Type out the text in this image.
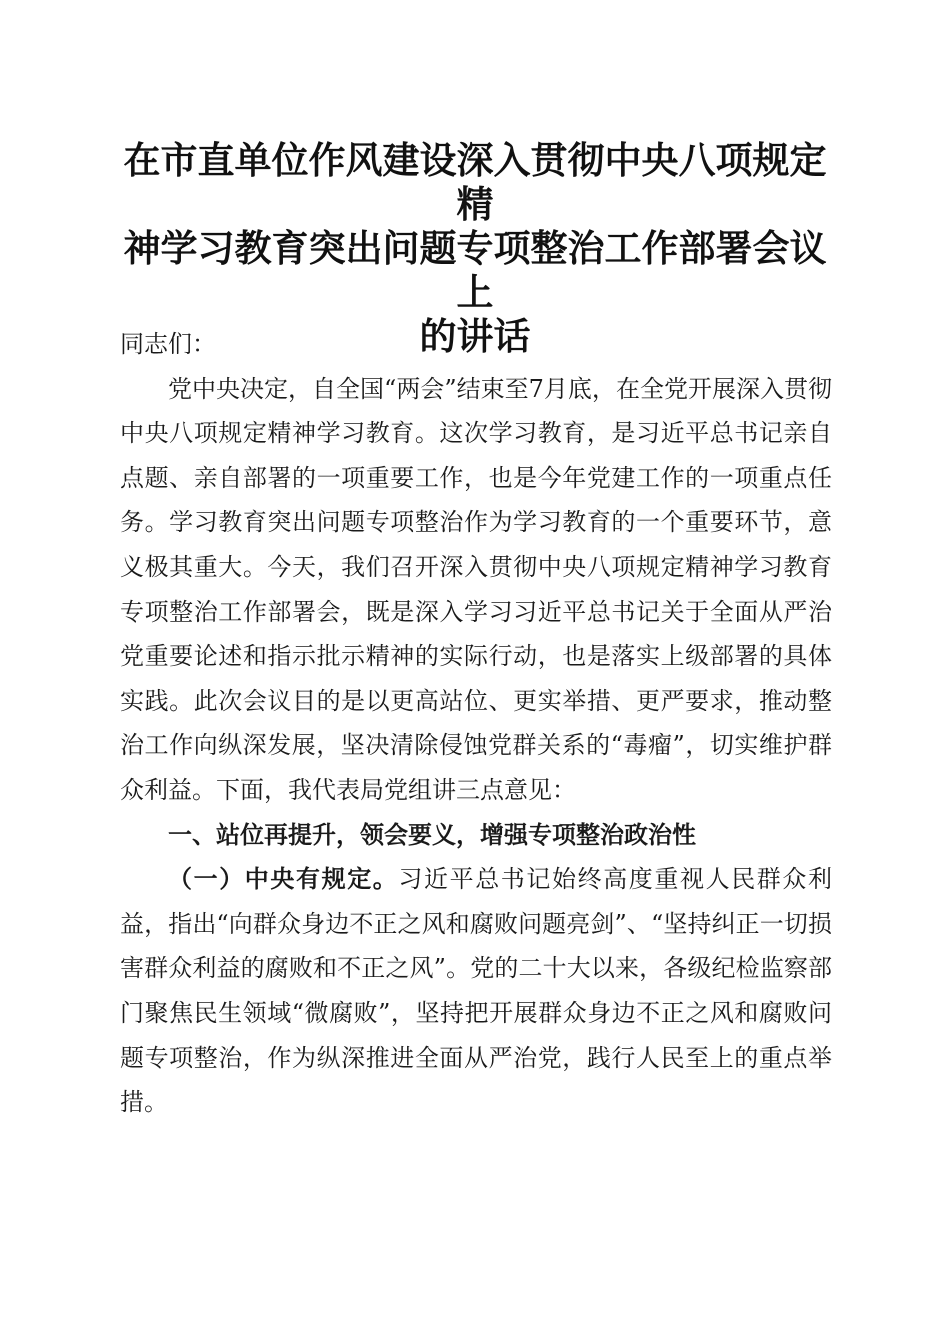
在市直单位作风建设深入贯彻中央八项规定精
神学习教育突出问题专项整治工作部署会议上
的讲话

同志们：

党中央决定，自全国“两会”结束至7月底，在全党开展深入贯彻中央八项规定精神学习教育。这次学习教育，是习近平总书记亲自点题、亲自部署的一项重要工作，也是今年党建工作的一项重点任务。学习教育突出问题专项整治作为学习教育的一个重要环节，意义极其重大。今天，我们召开深入贯彻中央八项规定精神学习教育专项整治工作部署会，既是深入学习习近平总书记关于全面从严治党重要论述和指示批示精神的实际行动，也是落实上级部署的具体实践。此次会议目的是以更高站位、更实举措、更严要求，推动整治工作向纵深发展，坚决清除侵蚀党群关系的“毒瘤”，切实维护群众利益。下面，我代表局党组讲三点意见：

一、站位再提升，领会要义，增强专项整治政治性

（一）中央有规定。习近平总书记始终高度重视人民群众利益，指出“向群众身边不正之风和腐败问题亮剑”、“坚持纠正一切损害群众利益的腐败和不正之风”。党的二十大以来，各级纪检监察部门聚焦民生领域“微腐败”，坚持把开展群众身边不正之风和腐败问题专项整治，作为纵深推进全面从严治党，践行人民至上的重点举措。
